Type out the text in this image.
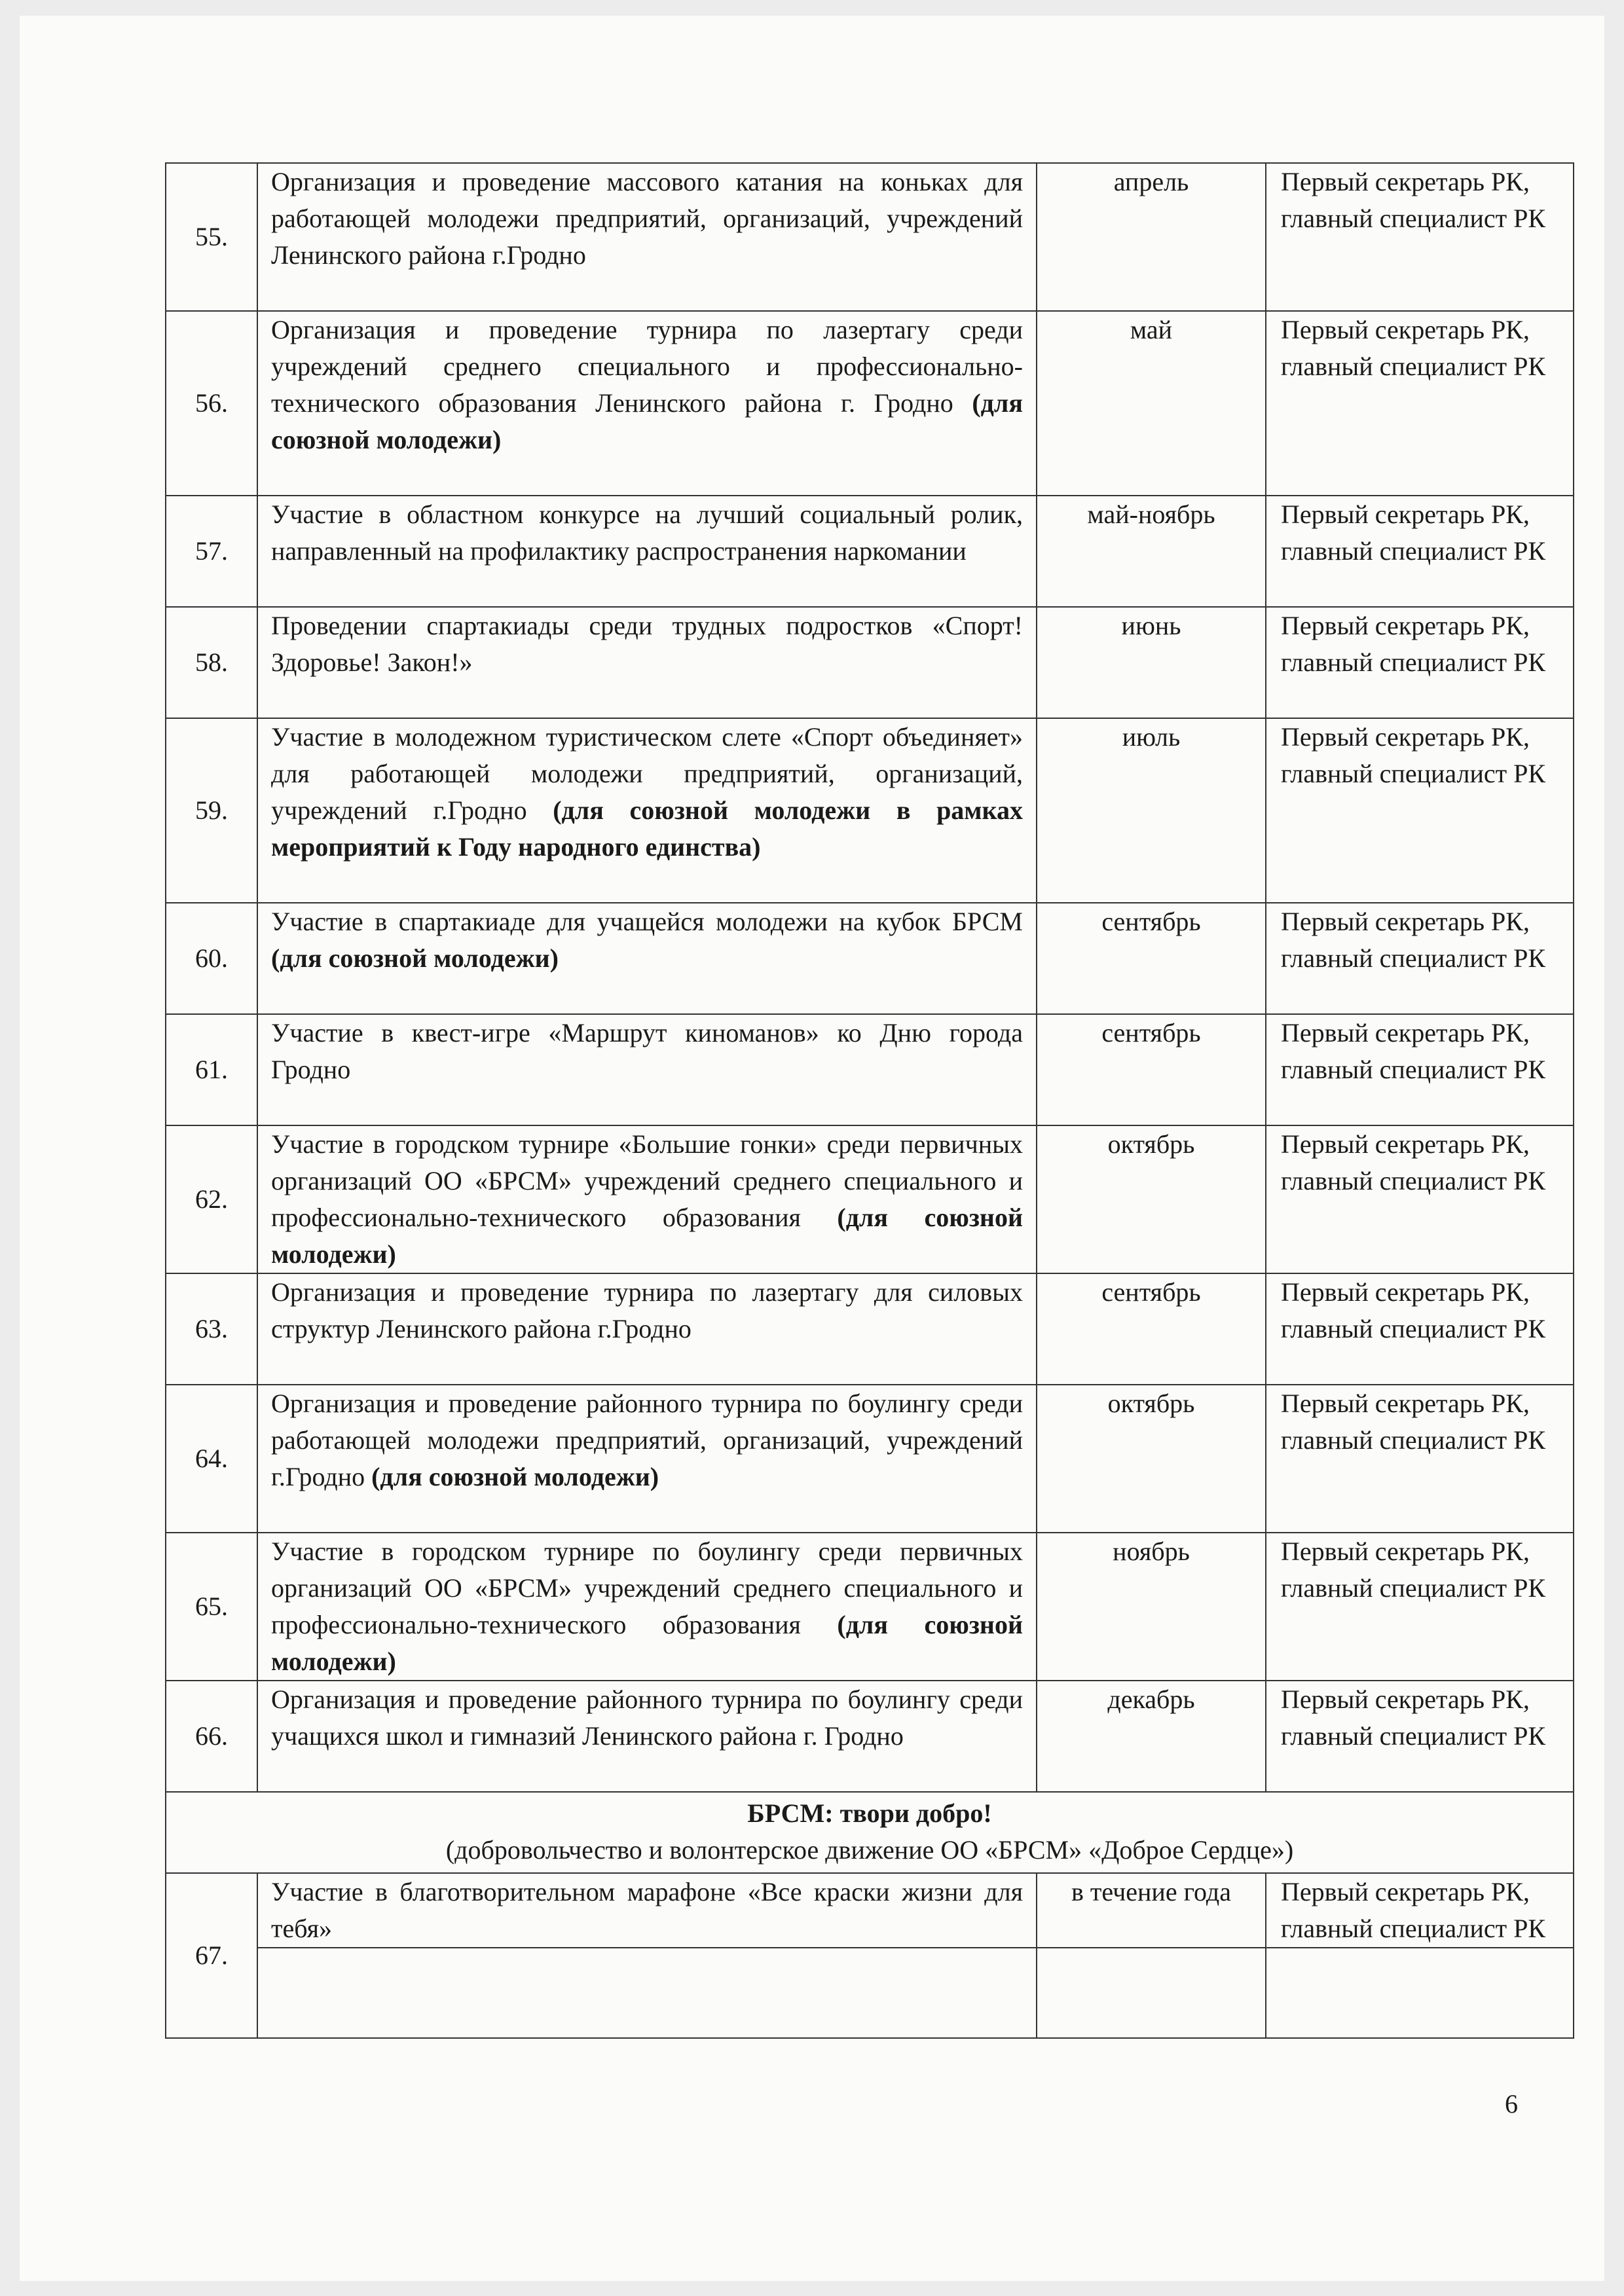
55.	Организация и проведение массового катания на коньках для работающей молодежи предприятий, организаций, учреждений Ленинского района г.Гродно	апрель	Первый секретарь РК, главный специалист РК
56.	Организация и проведение турнира по лазертагу среди учреждений среднего специального и профессионально-технического образования Ленинского района г. Гродно (для союзной молодежи)	май	Первый секретарь РК, главный специалист РК
57.	Участие в областном конкурсе на лучший социальный ролик, направленный на профилактику распространения наркомании	май-ноябрь	Первый секретарь РК, главный специалист РК
58.	Проведении спартакиады среди трудных подростков «Спорт! Здоровье! Закон!»	июнь	Первый секретарь РК, главный специалист РК
59.	Участие в молодежном туристическом слете «Спорт объединяет» для работающей молодежи предприятий, организаций, учреждений г.Гродно (для союзной молодежи в рамках мероприятий к Году народного единства)	июль	Первый секретарь РК, главный специалист РК
60.	Участие в спартакиаде для учащейся молодежи на кубок БРСМ (для союзной молодежи)	сентябрь	Первый секретарь РК, главный специалист РК
61.	Участие в квест-игре «Маршрут киноманов» ко Дню города Гродно	сентябрь	Первый секретарь РК, главный специалист РК
62.	Участие в городском турнире «Большие гонки» среди первичных организаций ОО «БРСМ» учреждений среднего специального и профессионально-технического образования (для союзной молодежи)	октябрь	Первый секретарь РК, главный специалист РК
63.	Организация и проведение турнира по лазертагу для силовых структур Ленинского района г.Гродно	сентябрь	Первый секретарь РК, главный специалист РК
64.	Организация и проведение районного турнира по боулингу среди работающей молодежи предприятий, организаций, учреждений г.Гродно (для союзной молодежи)	октябрь	Первый секретарь РК, главный специалист РК
65.	Участие в городском турнире по боулингу среди первичных организаций ОО «БРСМ» учреждений среднего специального и профессионально-технического образования (для союзной молодежи)	ноябрь	Первый секретарь РК, главный специалист РК
66.	Организация и проведение районного турнира по боулингу среди учащихся школ и гимназий Ленинского района г. Гродно	декабрь	Первый секретарь РК, главный специалист РК

БРСМ: твори добро!
(добровольчество и волонтерское движение ОО «БРСМ» «Доброе Сердце»)			

67.	Участие в благотворительном марафоне «Все краски жизни для тебя»	в течение года	Первый секретарь РК, главный специалист РК

6
